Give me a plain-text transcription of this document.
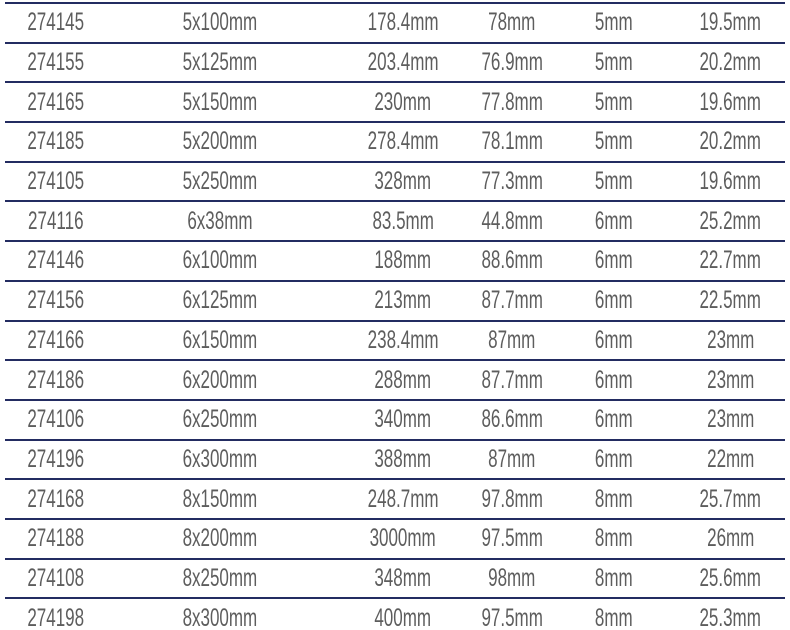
274145	5x100mm	178.4mm 78mm 5mm	19.5mm
274155	5x125mm	203.4mm 76.9mm 5mm	20.2mm
274165	5x150mm	230mm 77.8mm 5mm	19.6mm
274185	5x200mm	278.4mm 78.1mm 5mm	20.2mm
274105	5x250mm	328mm 77.3mm 5mm	19.6mm
274116	6x38mm	83.5mm 44.8mm 6mm	25.2mm
274146	6x100mm	188mm 88.6mm 6mm	22.7mm
274156	6x125mm	213mm 87.7mm 6mm	22.5mm
274166	6x150mm	238.4mm 87mm 6mm	23mm
274186	6x200mm	288mm 87.7mm 6mm	23mm
274106	6x250mm	340mm 86.6mm 6mm	23mm
274196	6x300mm	388mm 87mm 6mm	22mm
274168	8x150mm	248.7mm 97.8mm 8mm	25.7mm
274188	8x200mm	3000mm 97.5mm 8mm	26mm
274108	8x250mm	348mm 98mm 8mm	25.6mm
274198	8x300mm	400mm 97.5mm 8mm	25.3mm
